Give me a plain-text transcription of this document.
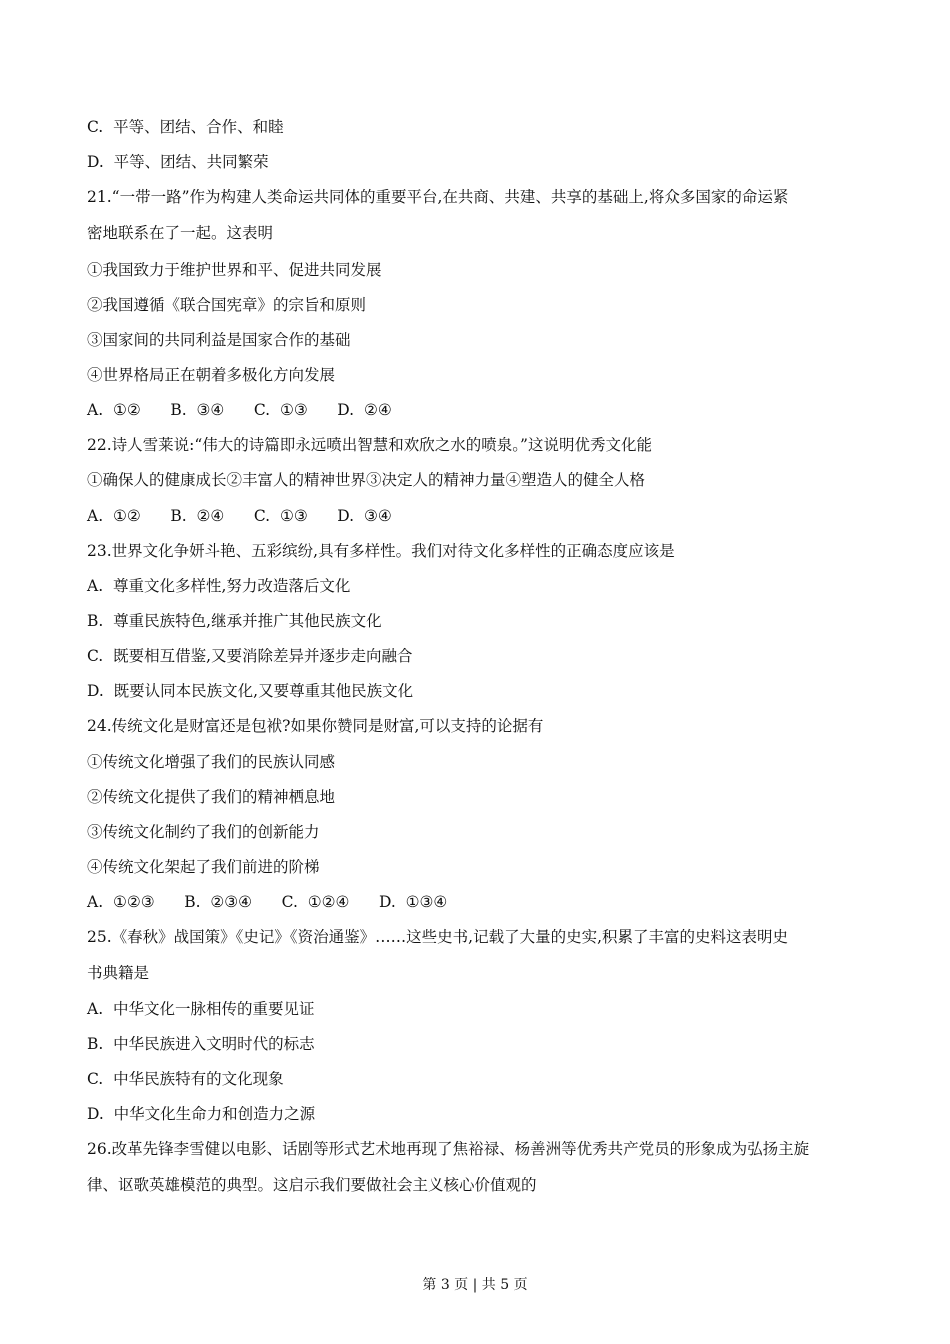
C.  平等、团结、合作、和睦
D.  平等、团结、共同繁荣
21.“一带一路”作为构建人类命运共同体的重要平台,在共商、共建、共享的基础上,将众多国家的命运紧
密地联系在了一起。这表明
①我国致力于维护世界和平、促进共同发展
②我国遵循《联合国宪章》的宗旨和原则
③国家间的共同利益是国家合作的基础
④世界格局正在朝着多极化方向发展
A.  ①②      B.  ③④      C.  ①③      D.  ②④
22.诗人雪莱说:“伟大的诗篇即永远喷出智慧和欢欣之水的喷泉。”这说明优秀文化能
①确保人的健康成长②丰富人的精神世界③决定人的精神力量④塑造人的健全人格
A.  ①②      B.  ②④      C.  ①③      D.  ③④
23.世界文化争妍斗艳、五彩缤纷,具有多样性。我们对待文化多样性的正确态度应该是
A.  尊重文化多样性,努力改造落后文化
B.  尊重民族特色,继承并推广其他民族文化
C.  既要相互借鉴,又要消除差异并逐步走向融合
D.  既要认同本民族文化,又要尊重其他民族文化
24.传统文化是财富还是包袱?如果你赞同是财富,可以支持的论据有
①传统文化增强了我们的民族认同感
②传统文化提供了我们的精神栖息地
③传统文化制约了我们的创新能力
④传统文化架起了我们前进的阶梯
A.  ①②③      B.  ②③④      C.  ①②④      D.  ①③④
25.《春秋》战国策》《史记》《资治通鉴》……这些史书,记载了大量的史实,积累了丰富的史料这表明史
书典籍是
A.  中华文化一脉相传的重要见证
B.  中华民族进入文明时代的标志
C.  中华民族特有的文化现象
D.  中华文化生命力和创造力之源
26.改革先锋李雪健以电影、话剧等形式艺术地再现了焦裕禄、杨善洲等优秀共产党员的形象成为弘扬主旋
律、讴歌英雄模范的典型。这启示我们要做社会主义核心价值观的
第 3 页 | 共 5 页
